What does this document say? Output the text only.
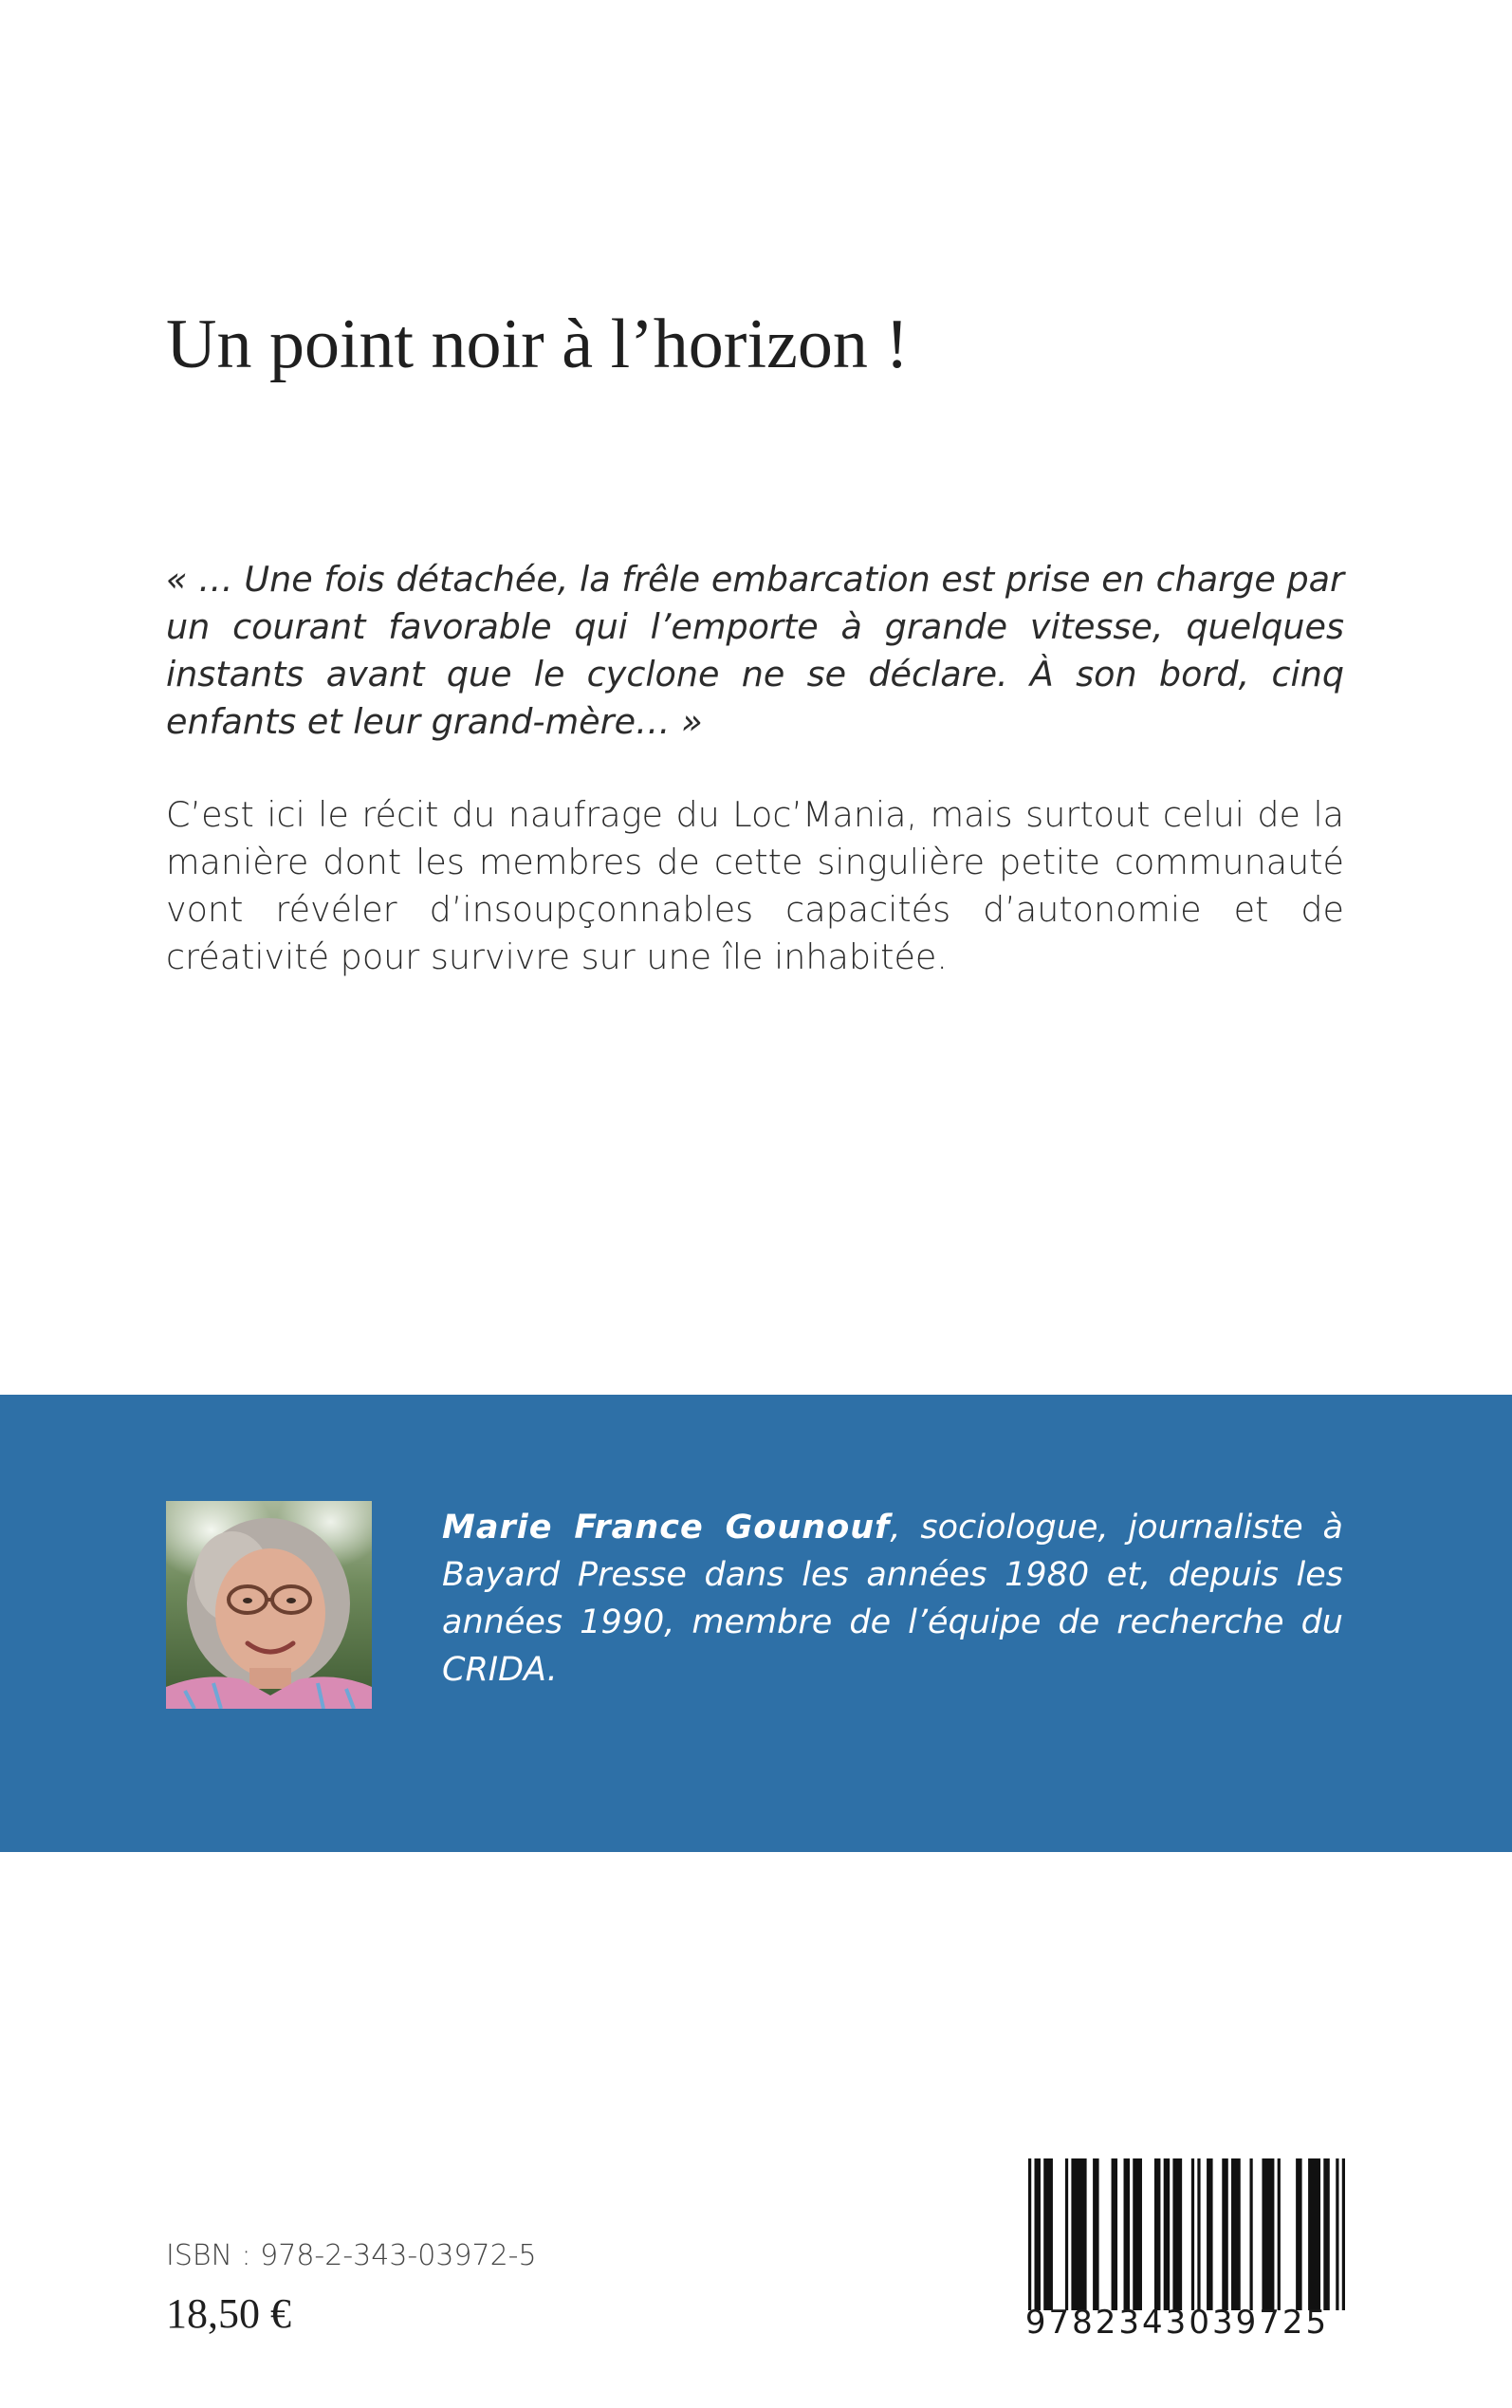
Un point noir à l’horizon !

« … Une fois détachée, la frêle embarcation est prise en charge par un courant favorable qui l’emporte à grande vitesse, quelques instants avant que le cyclone ne se déclare. À son bord, cinq enfants et leur grand-mère… »

C’est ici le récit du naufrage du Loc’Mania, mais surtout celui de la manière dont les membres de cette singulière petite communauté vont révéler d’insoupçonnables capacités d’autonomie et de créativité pour survivre sur une île inhabitée.

Marie France Gounouf, sociologue, journaliste à Bayard Presse dans les années 1980 et, depuis les années 1990, membre de l’équipe de recherche du CRIDA.

ISBN : 978-2-343-03972-5
18,50 €	9782343039725
